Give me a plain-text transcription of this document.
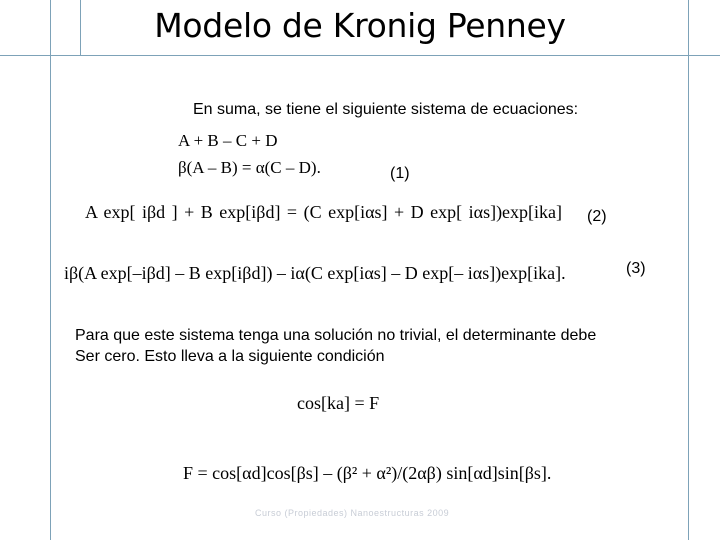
Modelo de Kronig Penney
En suma, se tiene el siguiente sistema de ecuaciones:
A + B – C + D
β(A – B) = α(C – D).	(1)
A exp[ iβd ] + B exp[iβd] = (C exp[iαs] + D exp[ iαs])exp[ika] (2)
iβ(A exp[–iβd] – B exp[iβd]) – iα(C exp[iαs] – D exp[– iαs])exp[ika].	(3)
Para que este sistema tenga una solución no trivial, el determinante debe
Ser cero. Esto lleva a la siguiente condición
cos[ka] = F
F = cos[αd]cos[βs] – (β² + α²)/(2αβ) sin[αd]sin[βs].
Curso (Propiedades) Nanoestructuras 2009
